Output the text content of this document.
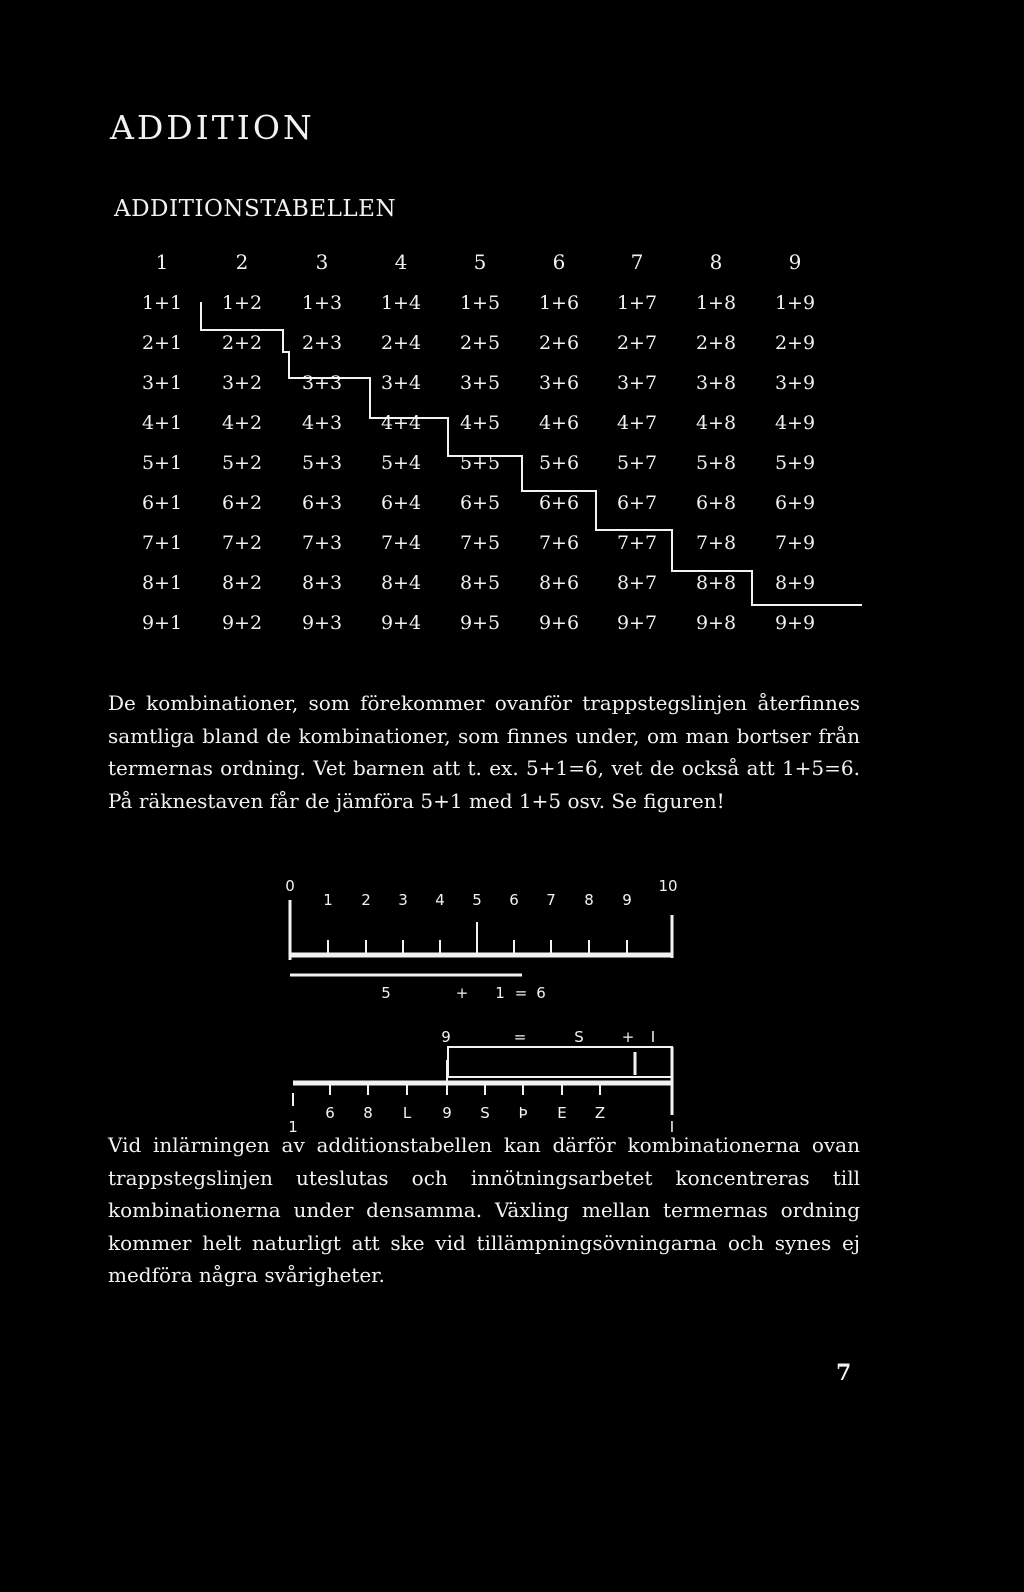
ADDITION
ADDITIONSTABELLEN
1	2	3	4	5	6	7	8	9
1+1 1+2 1+3 1+4 1+5 1+6 1+7 1+8 1+9
2+1 2+2 2+3 2+4 2+5 2+6 2+7 2+8 2+9
3+1 3+2 3+3 3+4 3+5 3+6 3+7 3+8 3+9
4+1 4+2 4+3 4+4 4+5 4+6 4+7 4+8 4+9
5+1 5+2 5+3 5+4 5+5 5+6 5+7 5+8 5+9
6+1 6+2 6+3 6+4 6+5 6+6 6+7 6+8 6+9
7+1 7+2 7+3 7+4 7+5 7+6 7+7 7+8 7+9
8+1 8+2 8+3 8+4 8+5 8+6 8+7 8+8 8+9
9+1 9+2 9+3 9+4 9+5 9+6 9+7 9+8 9+9
De kombinationer, som förekommer ovanför trappstegslinjen återfinnes samtliga bland de kombinationer, som finnes under, om man bortser från termernas ordning. Vet barnen att t. ex. 5+1=6, vet de också att 1+5=6. På räknestaven får de jämföra 5+1 med 1+5 osv. Se figuren!
0
1 2 3 4 5 6 7 8 9
10
5	+ 1 = 6
9	=	S	+ I
1
6 8 L 9 S Þ E Z
I
Vid inlärningen av additionstabellen kan därför kombinationerna ovan trappstegslinjen uteslutas och innötningsarbetet koncentreras till kombinationerna under densamma. Växling mellan termernas ordning kommer helt naturligt att ske vid tillämpningsövningarna och synes ej medföra några svårigheter.
7
